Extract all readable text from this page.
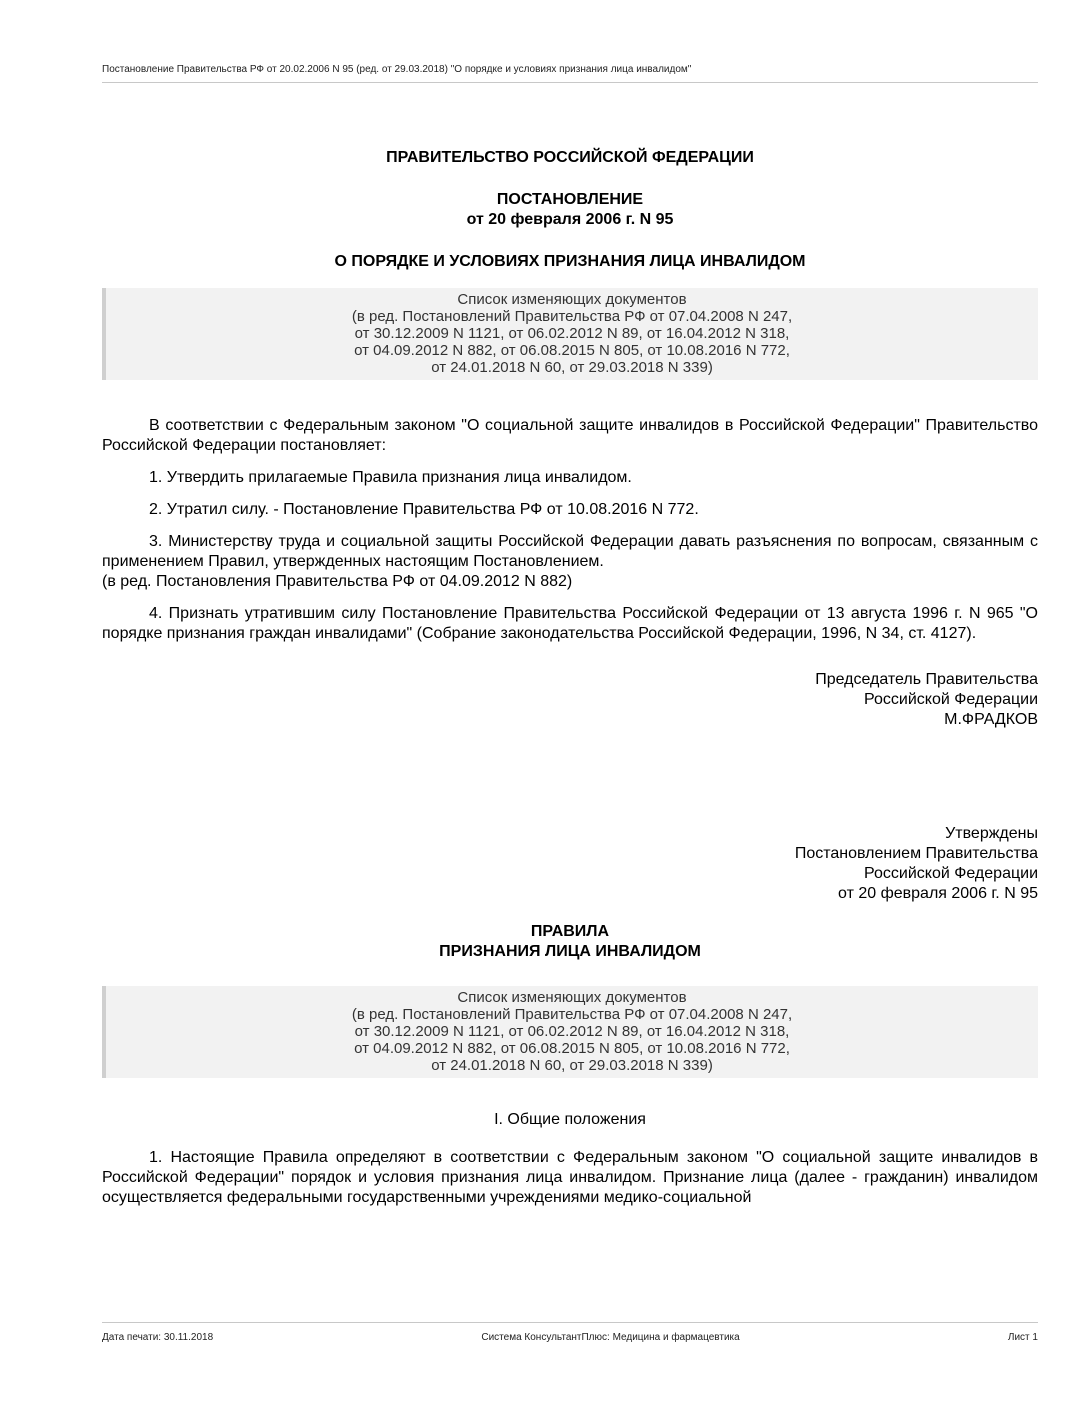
Постановление Правительства РФ от 20.02.2006 N 95 (ред. от 29.03.2018) "О порядке и условиях признания лица инвалидом"

ПРАВИТЕЛЬСТВО РОССИЙСКОЙ ФЕДЕРАЦИИ

ПОСТАНОВЛЕНИЕ

от 20 февраля 2006 г. N 95

О ПОРЯДКЕ И УСЛОВИЯХ ПРИЗНАНИЯ ЛИЦА ИНВАЛИДОМ

Список изменяющих документов
(в ред. Постановлений Правительства РФ от 07.04.2008 N 247,
от 30.12.2009 N 1121, от 06.02.2012 N 89, от 16.04.2012 N 318,
от 04.09.2012 N 882, от 06.08.2015 N 805, от 10.08.2016 N 772,
от 24.01.2018 N 60, от 29.03.2018 N 339)

В соответствии с Федеральным законом "О социальной защите инвалидов в Российской Федерации" Правительство Российской Федерации постановляет:

1. Утвердить прилагаемые Правила признания лица инвалидом.

2. Утратил силу. - Постановление Правительства РФ от 10.08.2016 N 772.

3. Министерству труда и социальной защиты Российской Федерации давать разъяснения по вопросам, связанным с применением Правил, утвержденных настоящим Постановлением.

(в ред. Постановления Правительства РФ от 04.09.2012 N 882)

4. Признать утратившим силу Постановление Правительства Российской Федерации от 13 августа 1996 г. N 965 "О порядке признания граждан инвалидами" (Собрание законодательства Российской Федерации, 1996, N 34, ст. 4127).

Председатель Правительства
Российской Федерации
М.ФРАДКОВ
Утверждены
Постановлением Правительства
Российской Федерации
от 20 февраля 2006 г. N 95

ПРАВИЛА

ПРИЗНАНИЯ ЛИЦА ИНВАЛИДОМ

Список изменяющих документов
(в ред. Постановлений Правительства РФ от 07.04.2008 N 247,
от 30.12.2009 N 1121, от 06.02.2012 N 89, от 16.04.2012 N 318,
от 04.09.2012 N 882, от 06.08.2015 N 805, от 10.08.2016 N 772,
от 24.01.2018 N 60, от 29.03.2018 N 339)

I. Общие положения

1. Настоящие Правила определяют в соответствии с Федеральным законом "О социальной защите инвалидов в Российской Федерации" порядок и условия признания лица инвалидом. Признание лица (далее - гражданин) инвалидом осуществляется федеральными государственными учреждениями медико-социальной

Дата печати: 30.11.2018	Система КонсультантПлюс: Медицина и фармацевтика	Лист 1
